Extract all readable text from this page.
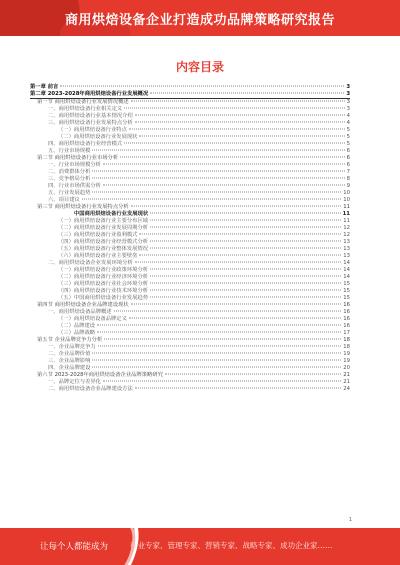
商用烘焙设备企业打造成功品牌策略研究报告
内容目录
第一章 前言	3
第二章 2023-2028年商用烘焙设备行业发展概况	3
第一节 商用烘焙设备行业发展情况概述	3
一、商用烘焙设备行业相关定义	3
二、商用烘焙设备行业基本情况介绍	4
三、商用烘焙设备行业发展特点分析	4
（一）商用烘焙设备行业特点	5
（二）商用烘焙设备行业发展现状	5
四、商用烘焙设备行业经营模式	5
五、行业市场规模	6
第二节 商用烘焙设备行业市场分析	6
一、行业市场规模分析	6
二、消费群体分析	7
三、竞争格局分析	8
四、行业市场供需分析	9
五、行业发展趋势	10
六、项目建议	10
第三节 商用烘焙设备行业发展特点分析	11
中国商用烘焙设备行业发展现状	11
（一）商用烘焙设备行业主要分布区域	11
（二）商用烘焙设备行业发展周期分析	12
（三）商用烘焙设备行业盈利模式	12
（四）商用烘焙设备行业经营模式分析	13
（五）商用烘焙设备行业整体发展情况	13
（六）商用烘焙设备行业主要壁垒	13
二、商用烘焙设备企业发展环境分析	14
（一）商用烘焙设备行业政策环境分析	14
（二）商用烘焙设备行业经济环境分析	14
（三）商用烘焙设备行业社会环境分析	15
（四）商用烘焙设备行业技术环境分析	15
（五）中国商用烘焙设备行业发展趋势	15
第四节 商用烘焙设备企业品牌建设现状	16
一、商用烘焙设备品牌概述	16
（一）商用烘焙设备品牌定义	16
（二）品牌建设	16
（三）品牌战略	17
第五节 企业品牌竞争力分析	18
一、企业品牌竞争力	18
二、企业品牌价值	19
三、企业品牌影响	19
四、企业品牌建设	20
第六节 2023-2028年商用烘焙设备企业品牌策略研究	21
一、品牌定位与差异化	21
二、商用烘焙设备企业品牌建设方法	24
1
让每个人都能成为	行业专家、管理专家、营销专家、战略专家、成功企业家……
